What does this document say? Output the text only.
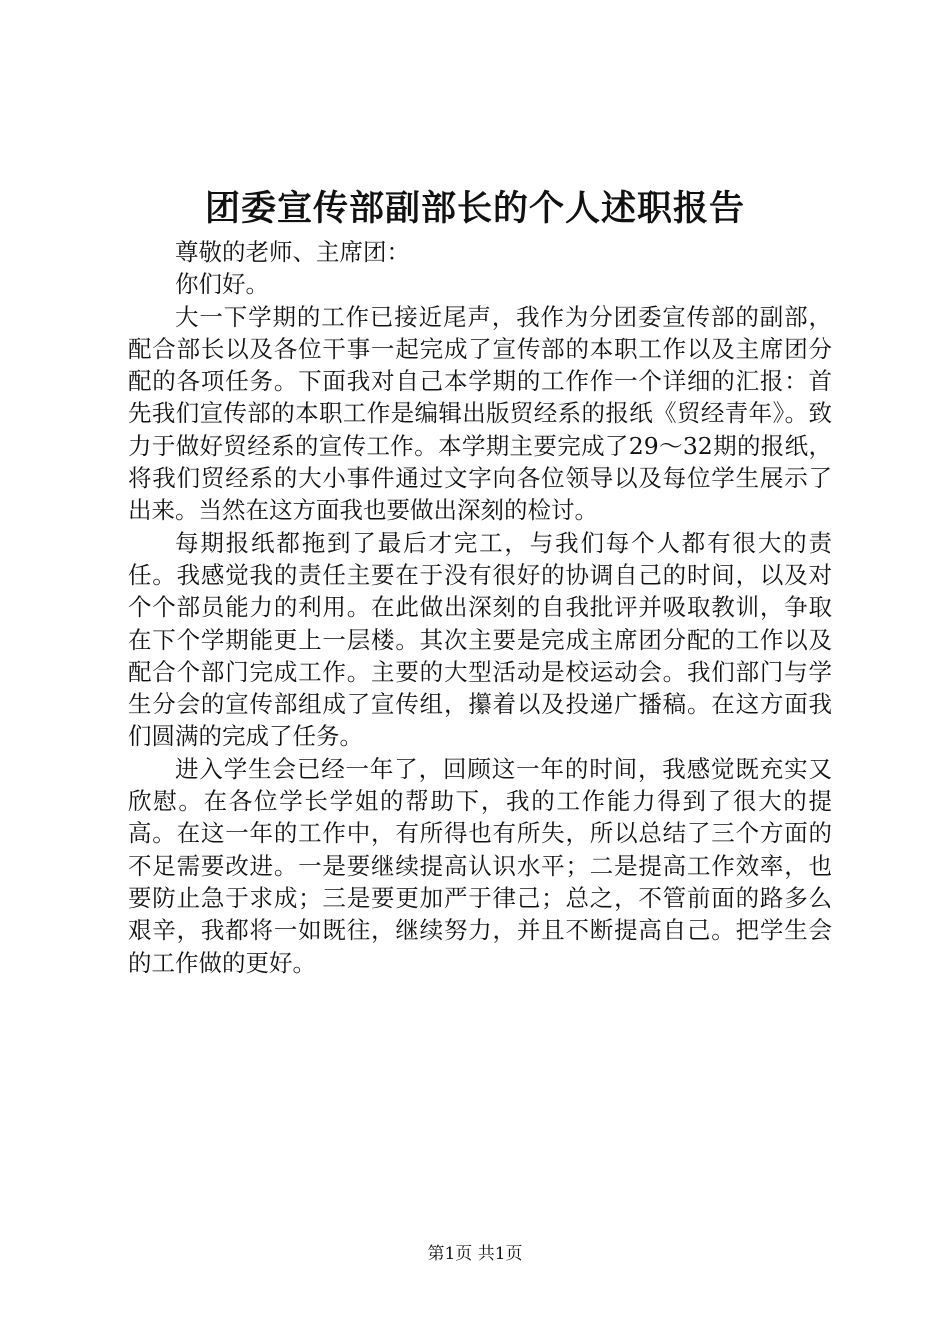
团委宣传部副部长的个人述职报告

尊敬的老师、主席团：

你们好。

大一下学期的工作已接近尾声，我作为分团委宣传部的副部，配合部长以及各位干事一起完成了宣传部的本职工作以及主席团分配的各项任务。下面我对自己本学期的工作作一个详细的汇报：首先我们宣传部的本职工作是编辑出版贸经系的报纸《贸经青年》。致力于做好贸经系的宣传工作。本学期主要完成了29～32期的报纸，将我们贸经系的大小事件通过文字向各位领导以及每位学生展示了出来。当然在这方面我也要做出深刻的检讨。

每期报纸都拖到了最后才完工，与我们每个人都有很大的责任。我感觉我的责任主要在于没有很好的协调自己的时间，以及对个个部员能力的利用。在此做出深刻的自我批评并吸取教训，争取在下个学期能更上一层楼。其次主要是完成主席团分配的工作以及配合个部门完成工作。主要的大型活动是校运动会。我们部门与学生分会的宣传部组成了宣传组，攥着以及投递广播稿。在这方面我们圆满的完成了任务。

进入学生会已经一年了，回顾这一年的时间，我感觉既充实又欣慰。在各位学长学姐的帮助下，我的工作能力得到了很大的提高。在这一年的工作中，有所得也有所失，所以总结了三个方面的不足需要改进。一是要继续提高认识水平；二是提高工作效率，也要防止急于求成；三是要更加严于律己；总之，不管前面的路多么艰辛，我都将一如既往，继续努力，并且不断提高自己。把学生会的工作做的更好。

第1页 共1页
